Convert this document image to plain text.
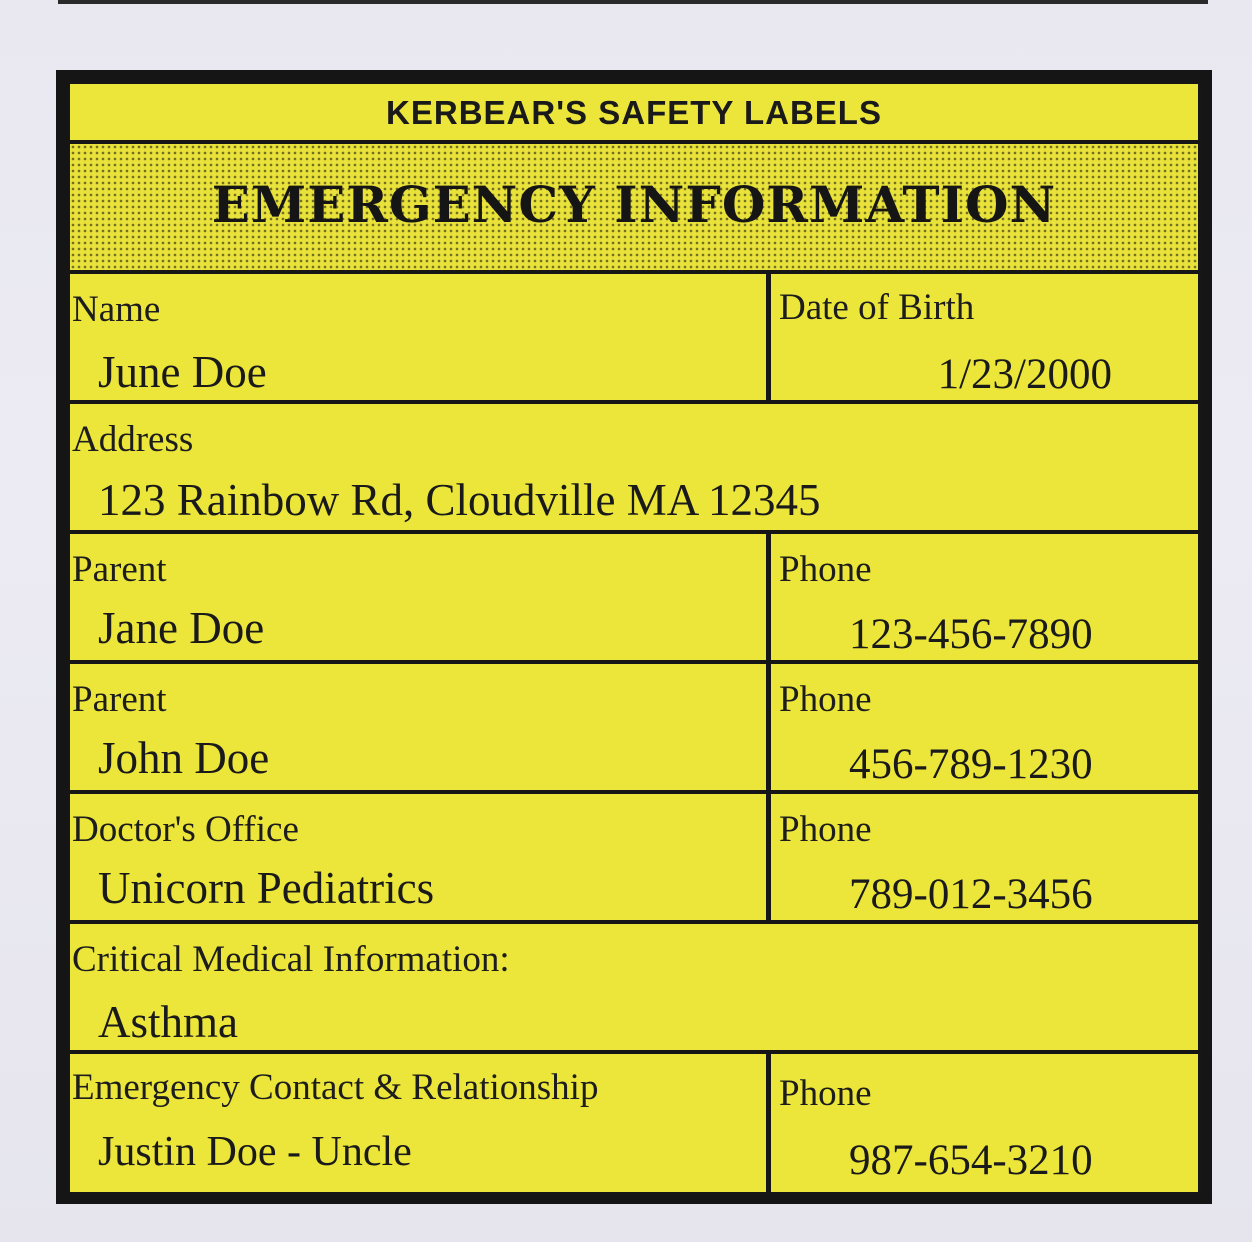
KERBEAR'S SAFETY LABELS
EMERGENCY INFORMATION
Name
June Doe
Date of Birth
1/23/2000
Address
123 Rainbow Rd, Cloudville MA 12345
Parent
Jane Doe
Phone
123-456-7890
Parent
John Doe
Phone
456-789-1230
Doctor's Office
Unicorn Pediatrics
Phone
789-012-3456
Critical Medical Information:
Asthma
Emergency Contact & Relationship
Justin Doe - Uncle
Phone
987-654-3210
